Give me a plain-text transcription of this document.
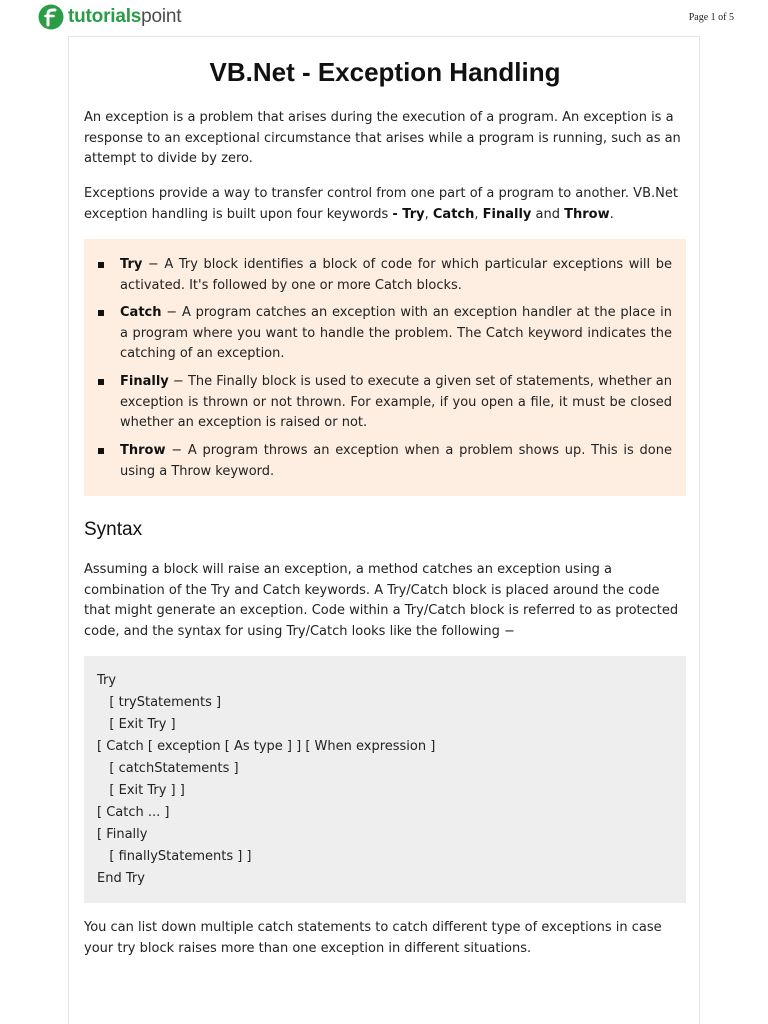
tutorialspoint	Page 1 of 5
VB.Net - Exception Handling

An exception is a problem that arises during the execution of a program. An exception is a response to an exceptional circumstance that arises while a program is running, such as an attempt to divide by zero.

Exceptions provide a way to transfer control from one part of a program to another. VB.Net exception handling is built upon four keywords - Try, Catch, Finally and Throw.

Try − A Try block identifies a block of code for which particular exceptions will be activated. It's followed by one or more Catch blocks.
Catch − A program catches an exception with an exception handler at the place in a program where you want to handle the problem. The Catch keyword indicates the catching of an exception.
Finally − The Finally block is used to execute a given set of statements, whether an exception is thrown or not thrown. For example, if you open a file, it must be closed whether an exception is raised or not.
Throw − A program throws an exception when a problem shows up. This is done using a Throw keyword.
Syntax

Assuming a block will raise an exception, a method catches an exception using a combination of the Try and Catch keywords. A Try/Catch block is placed around the code that might generate an exception. Code within a Try/Catch block is referred to as protected code, and the syntax for using Try/Catch looks like the following −

Try
[ tryStatements ]
[ Exit Try ]
[ Catch [ exception [ As type ] ] [ When expression ]
[ catchStatements ]
[ Exit Try ] ]
[ Catch ... ]
[ Finally
[ finallyStatements ] ]
End Try

You can list down multiple catch statements to catch different type of exceptions in case your try block raises more than one exception in different situations.
